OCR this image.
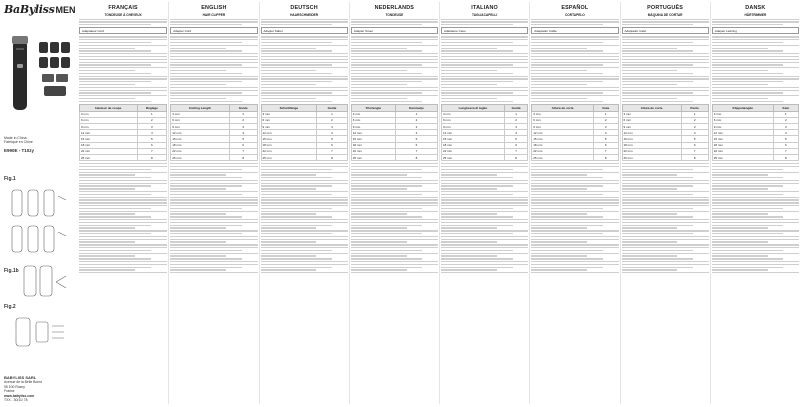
BaBylissMEN
Made in China
Fabriqué en Chine
E990E - T10zy
Fig.1
Fig.1b
Fig.2
BABYLISS SARL
Avenue de la Belle Borne
95 100 Rosny
France
www.babyliss.com
TXX - 30/11/ 78
FRANÇAIS
TONDEUSE À CHEVEUX
Adaptateur Cord
Hauteur de coupe	Réglage
3 mm	1
6 mm	2
9 mm	3
12 mm	4
15 mm	5
18 mm	6
22 mm	7
25 mm	8
ENGLISH
HAIR CLIPPER
Adapter Cord
Cutting Length	Guide
3 mm	1
6 mm	2
9 mm	3
12 mm	4
15 mm	5
18 mm	6
22 mm	7
25 mm	8
DEUTSCH
HAARSCHNEIDER
Adapter Kabel
Schnittlänge	Guide
3 mm	1
6 mm	2
9 mm	3
12 mm	4
15 mm	5
18 mm	6
22 mm	7
25 mm	8
NEDERLANDS
TONDEUSE
Adapter Snoer
Trimlengte	Kammetje
3 mm	1
6 mm	2
9 mm	3
12 mm	4
15 mm	5
18 mm	6
22 mm	7
25 mm	8
ITALIANO
TAGLIACAPELLI
Adattatore Cavo
Lunghezza di taglio	Guida
3 mm	1
6 mm	2
9 mm	3
12 mm	4
15 mm	5
18 mm	6
22 mm	7
25 mm	8
ESPAÑOL
CORTAPELO
Adaptador Cable
Altura de corte	Guía
3 mm	1
6 mm	2
9 mm	3
12 mm	4
15 mm	5
18 mm	6
22 mm	7
25 mm	8
PORTUGUÊS
MÁQUINA DE CORTAR
Adaptador Cabo
Altura de corte	Pente
3 mm	1
6 mm	2
9 mm	3
12 mm	4
15 mm	5
18 mm	6
22 mm	7
25 mm	8
DANSK
HÅRTRIMMER
Adapter Ledning
Klippelængde	Kam
3 mm	1
6 mm	2
9 mm	3
12 mm	4
15 mm	5
18 mm	6
22 mm	7
25 mm	8
